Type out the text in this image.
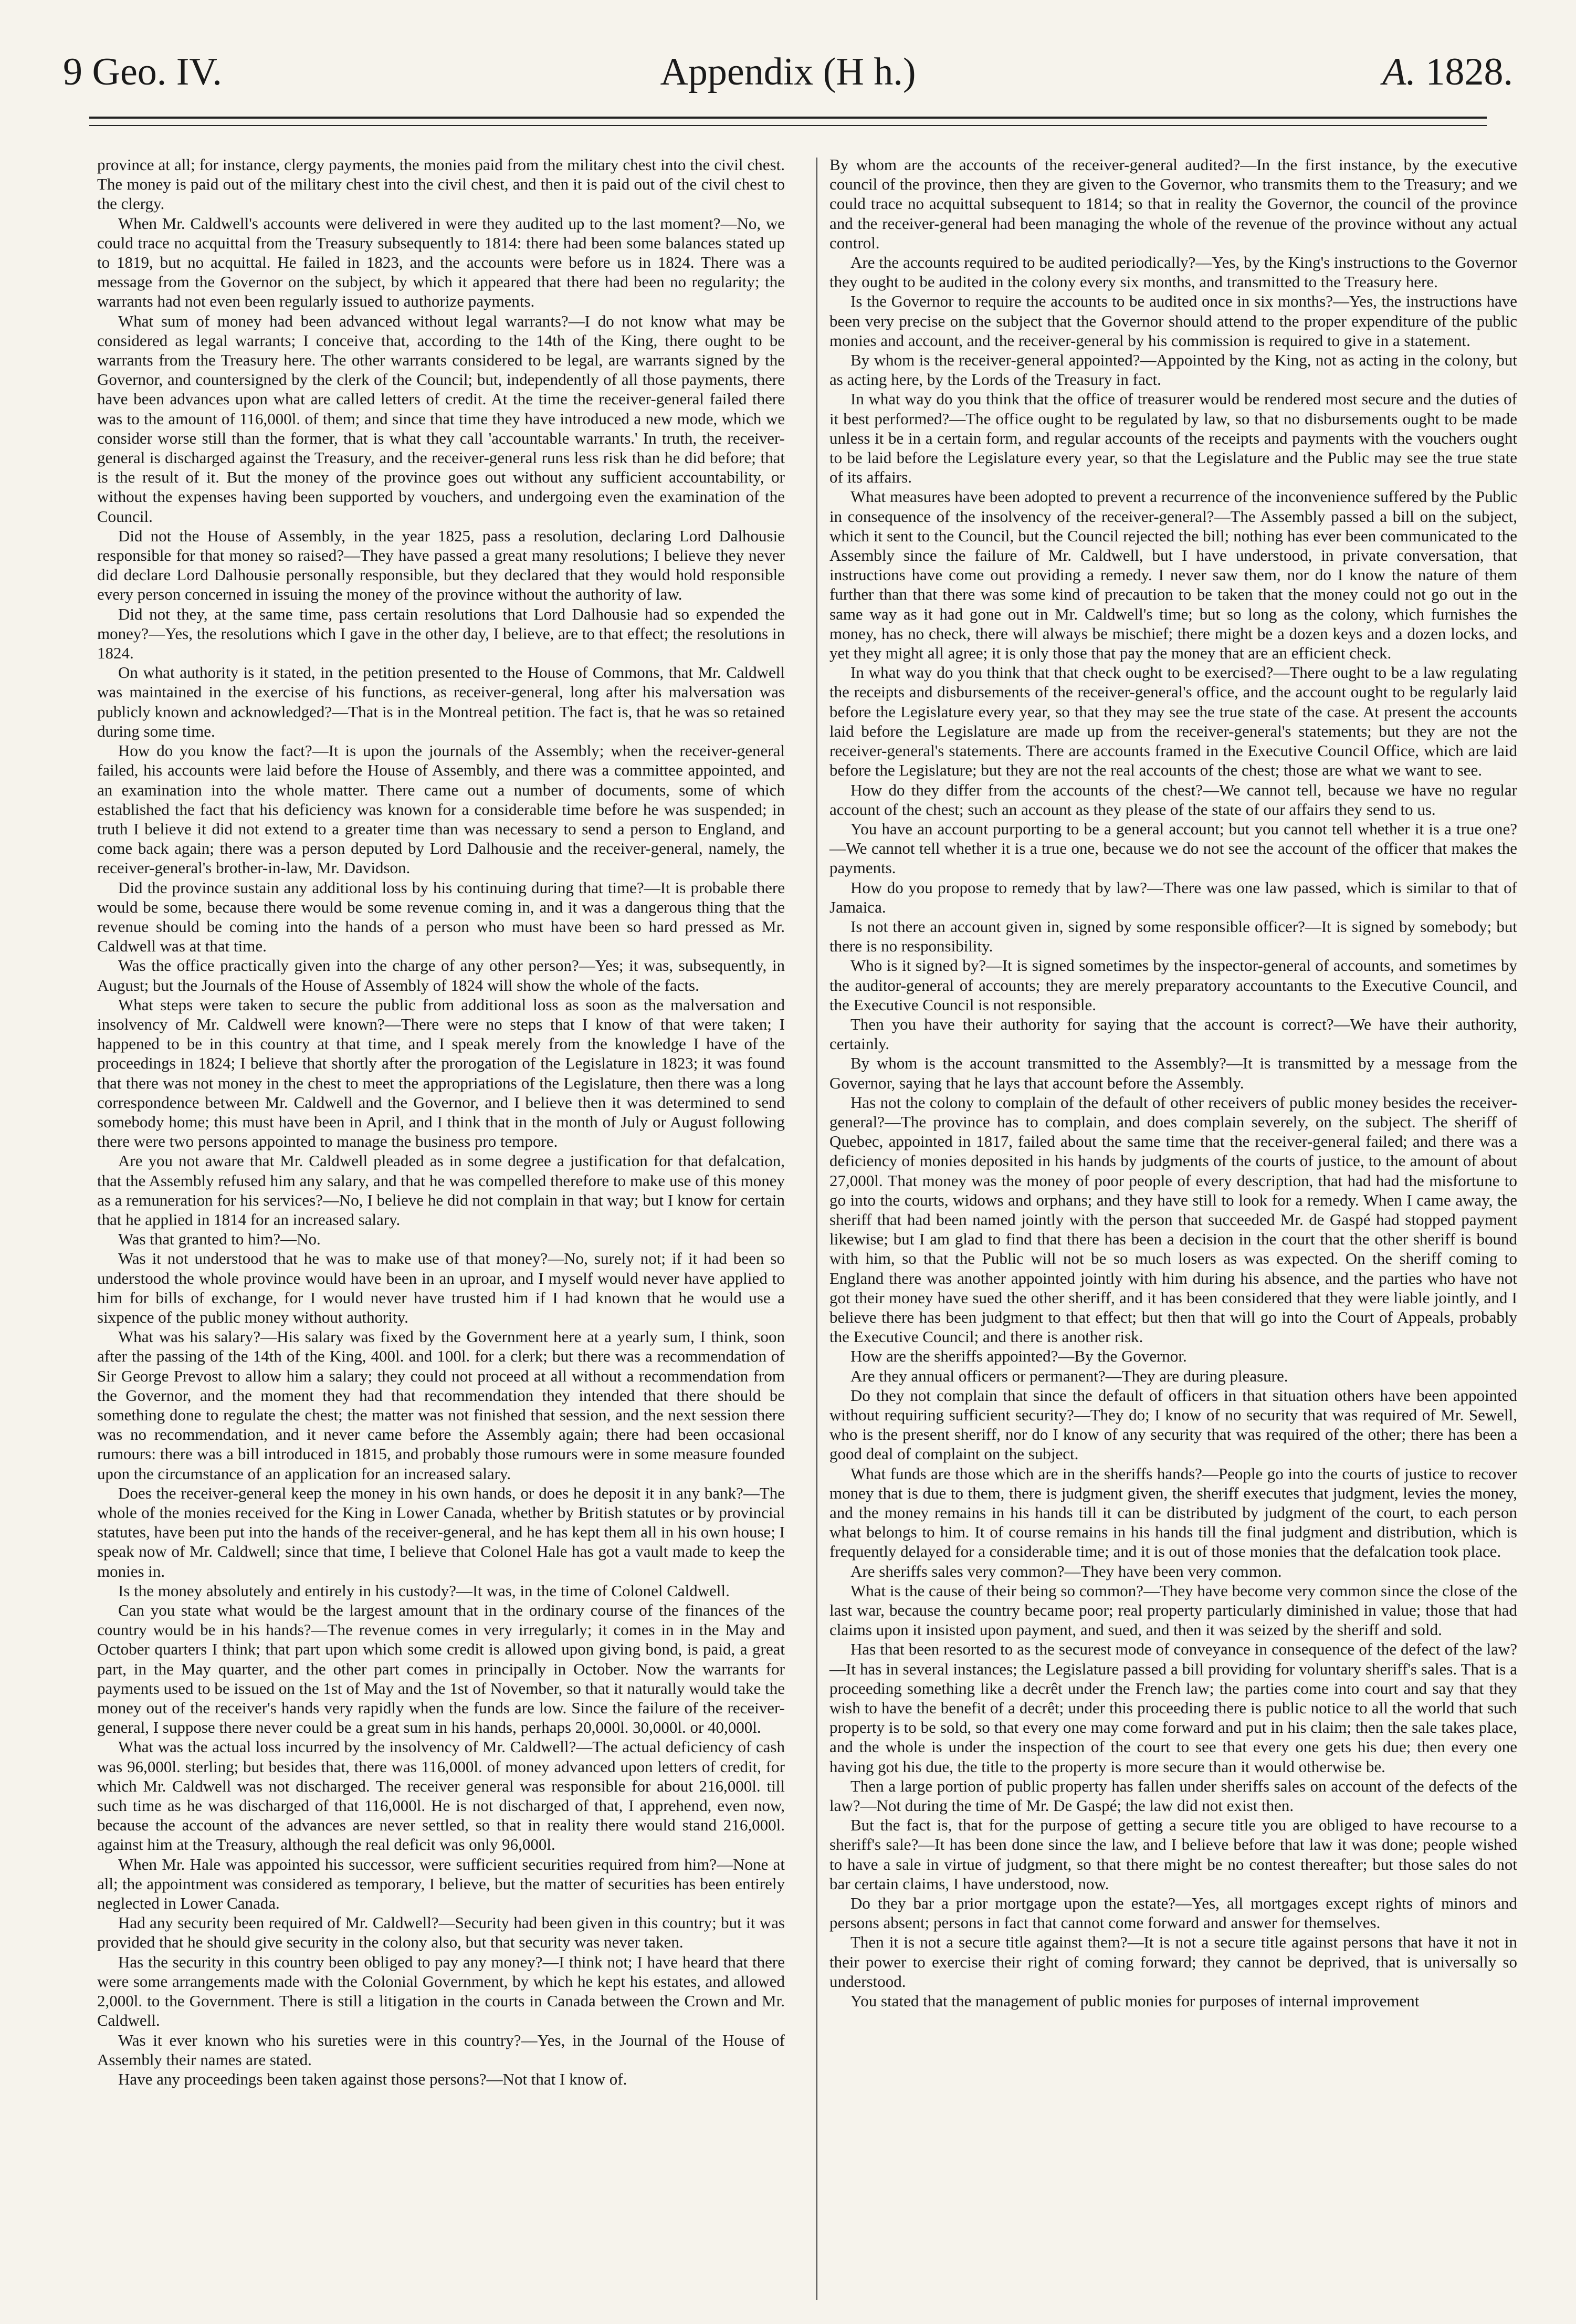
9 Geo. IV.	Appendix (H h.)	A. 1828.

province at all; for instance, clergy payments, the monies paid from the military chest into the civil chest. The money is paid out of the military chest into the civil chest, and then it is paid out of the civil chest to the clergy.

When Mr. Caldwell's accounts were delivered in were they audited up to the last moment?—No, we could trace no acquittal from the Treasury subsequently to 1814: there had been some balances stated up to 1819, but no acquittal. He failed in 1823, and the accounts were before us in 1824. There was a message from the Governor on the subject, by which it appeared that there had been no regularity; the warrants had not even been regularly issued to authorize payments.

What sum of money had been advanced without legal warrants?—I do not know what may be considered as legal warrants; I conceive that, according to the 14th of the King, there ought to be warrants from the Treasury here. The other warrants considered to be legal, are warrants signed by the Governor, and countersigned by the clerk of the Council; but, independently of all those payments, there have been advances upon what are called letters of credit. At the time the receiver-general failed there was to the amount of 116,000l. of them; and since that time they have introduced a new mode, which we consider worse still than the former, that is what they call 'accountable warrants.' In truth, the receiver-general is discharged against the Treasury, and the receiver-general runs less risk than he did before; that is the result of it. But the money of the province goes out without any sufficient accountability, or without the expenses having been supported by vouchers, and undergoing even the examination of the Council.

Did not the House of Assembly, in the year 1825, pass a resolution, declaring Lord Dalhousie responsible for that money so raised?—They have passed a great many resolutions; I believe they never did declare Lord Dalhousie personally responsible, but they declared that they would hold responsible every person concerned in issuing the money of the province without the authority of law.

Did not they, at the same time, pass certain resolutions that Lord Dalhousie had so expended the money?—Yes, the resolutions which I gave in the other day, I believe, are to that effect; the resolutions in 1824.

On what authority is it stated, in the petition presented to the House of Commons, that Mr. Caldwell was maintained in the exercise of his functions, as receiver-general, long after his malversation was publicly known and acknowledged?—That is in the Montreal petition. The fact is, that he was so retained during some time.

How do you know the fact?—It is upon the journals of the Assembly; when the receiver-general failed, his accounts were laid before the House of Assembly, and there was a committee appointed, and an examination into the whole matter. There came out a number of documents, some of which established the fact that his deficiency was known for a considerable time before he was suspended; in truth I believe it did not extend to a greater time than was necessary to send a person to England, and come back again; there was a person deputed by Lord Dalhousie and the receiver-general, namely, the receiver-general's brother-in-law, Mr. Davidson.

Did the province sustain any additional loss by his continuing during that time?—It is probable there would be some, because there would be some revenue coming in, and it was a dangerous thing that the revenue should be coming into the hands of a person who must have been so hard pressed as Mr. Caldwell was at that time.

Was the office practically given into the charge of any other person?—Yes; it was, subsequently, in August; but the Journals of the House of Assembly of 1824 will show the whole of the facts.

What steps were taken to secure the public from additional loss as soon as the malversation and insolvency of Mr. Caldwell were known?—There were no steps that I know of that were taken; I happened to be in this country at that time, and I speak merely from the knowledge I have of the proceedings in 1824; I believe that shortly after the prorogation of the Legislature in 1823; it was found that there was not money in the chest to meet the appropriations of the Legislature, then there was a long correspondence between Mr. Caldwell and the Governor, and I believe then it was determined to send somebody home; this must have been in April, and I think that in the month of July or August following there were two persons appointed to manage the business pro tempore.

Are you not aware that Mr. Caldwell pleaded as in some degree a justification for that defalcation, that the Assembly refused him any salary, and that he was compelled therefore to make use of this money as a remuneration for his services?—No, I believe he did not complain in that way; but I know for certain that he applied in 1814 for an increased salary.

Was that granted to him?—No.

Was it not understood that he was to make use of that money?—No, surely not; if it had been so understood the whole province would have been in an uproar, and I myself would never have applied to him for bills of exchange, for I would never have trusted him if I had known that he would use a sixpence of the public money without authority.

What was his salary?—His salary was fixed by the Government here at a yearly sum, I think, soon after the passing of the 14th of the King, 400l. and 100l. for a clerk; but there was a recommendation of Sir George Prevost to allow him a salary; they could not proceed at all without a recommendation from the Governor, and the moment they had that recommendation they intended that there should be something done to regulate the chest; the matter was not finished that session, and the next session there was no recommendation, and it never came before the Assembly again; there had been occasional rumours: there was a bill introduced in 1815, and probably those rumours were in some measure founded upon the circumstance of an application for an increased salary.

Does the receiver-general keep the money in his own hands, or does he deposit it in any bank?—The whole of the monies received for the King in Lower Canada, whether by British statutes or by provincial statutes, have been put into the hands of the receiver-general, and he has kept them all in his own house; I speak now of Mr. Caldwell; since that time, I believe that Colonel Hale has got a vault made to keep the monies in.

Is the money absolutely and entirely in his custody?—It was, in the time of Colonel Caldwell.

Can you state what would be the largest amount that in the ordinary course of the finances of the country would be in his hands?—The revenue comes in very irregularly; it comes in in the May and October quarters I think; that part upon which some credit is allowed upon giving bond, is paid, a great part, in the May quarter, and the other part comes in principally in October. Now the warrants for payments used to be issued on the 1st of May and the 1st of November, so that it naturally would take the money out of the receiver's hands very rapidly when the funds are low. Since the failure of the receiver-general, I suppose there never could be a great sum in his hands, perhaps 20,000l. 30,000l. or 40,000l.

What was the actual loss incurred by the insolvency of Mr. Caldwell?—The actual deficiency of cash was 96,000l. sterling; but besides that, there was 116,000l. of money advanced upon letters of credit, for which Mr. Caldwell was not discharged. The receiver general was responsible for about 216,000l. till such time as he was discharged of that 116,000l. He is not discharged of that, I apprehend, even now, because the account of the advances are never settled, so that in reality there would stand 216,000l. against him at the Treasury, although the real deficit was only 96,000l.

When Mr. Hale was appointed his successor, were sufficient securities required from him?—None at all; the appointment was considered as temporary, I believe, but the matter of securities has been entirely neglected in Lower Canada.

Had any security been required of Mr. Caldwell?—Security had been given in this country; but it was provided that he should give security in the colony also, but that security was never taken.

Has the security in this country been obliged to pay any money?—I think not; I have heard that there were some arrangements made with the Colonial Government, by which he kept his estates, and allowed 2,000l. to the Government. There is still a litigation in the courts in Canada between the Crown and Mr. Caldwell.

Was it ever known who his sureties were in this country?—Yes, in the Journal of the House of Assembly their names are stated.

Have any proceedings been taken against those persons?—Not that I know of.

By whom are the accounts of the receiver-general audited?—In the first instance, by the executive council of the province, then they are given to the Governor, who transmits them to the Treasury; and we could trace no acquittal subsequent to 1814; so that in reality the Governor, the council of the province and the receiver-general had been managing the whole of the revenue of the province without any actual control.

Are the accounts required to be audited periodically?—Yes, by the King's instructions to the Governor they ought to be audited in the colony every six months, and transmitted to the Treasury here.

Is the Governor to require the accounts to be audited once in six months?—Yes, the instructions have been very precise on the subject that the Governor should attend to the proper expenditure of the public monies and account, and the receiver-general by his commission is required to give in a statement.

By whom is the receiver-general appointed?—Appointed by the King, not as acting in the colony, but as acting here, by the Lords of the Treasury in fact.

In what way do you think that the office of treasurer would be rendered most secure and the duties of it best performed?—The office ought to be regulated by law, so that no disbursements ought to be made unless it be in a certain form, and regular accounts of the receipts and payments with the vouchers ought to be laid before the Legislature every year, so that the Legislature and the Public may see the true state of its affairs.

What measures have been adopted to prevent a recurrence of the inconvenience suffered by the Public in consequence of the insolvency of the receiver-general?—The Assembly passed a bill on the subject, which it sent to the Council, but the Council rejected the bill; nothing has ever been communicated to the Assembly since the failure of Mr. Caldwell, but I have understood, in private conversation, that instructions have come out providing a remedy. I never saw them, nor do I know the nature of them further than that there was some kind of precaution to be taken that the money could not go out in the same way as it had gone out in Mr. Caldwell's time; but so long as the colony, which furnishes the money, has no check, there will always be mischief; there might be a dozen keys and a dozen locks, and yet they might all agree; it is only those that pay the money that are an efficient check.

In what way do you think that that check ought to be exercised?—There ought to be a law regulating the receipts and disbursements of the receiver-general's office, and the account ought to be regularly laid before the Legislature every year, so that they may see the true state of the case. At present the accounts laid before the Legislature are made up from the receiver-general's statements; but they are not the receiver-general's statements. There are accounts framed in the Executive Council Office, which are laid before the Legislature; but they are not the real accounts of the chest; those are what we want to see.

How do they differ from the accounts of the chest?—We cannot tell, because we have no regular account of the chest; such an account as they please of the state of our affairs they send to us.

You have an account purporting to be a general account; but you cannot tell whether it is a true one?—We cannot tell whether it is a true one, because we do not see the account of the officer that makes the payments.

How do you propose to remedy that by law?—There was one law passed, which is similar to that of Jamaica.

Is not there an account given in, signed by some responsible officer?—It is signed by somebody; but there is no responsibility.

Who is it signed by?—It is signed sometimes by the inspector-general of accounts, and sometimes by the auditor-general of accounts; they are merely preparatory accountants to the Executive Council, and the Executive Council is not responsible.

Then you have their authority for saying that the account is correct?—We have their authority, certainly.

By whom is the account transmitted to the Assembly?—It is transmitted by a message from the Governor, saying that he lays that account before the Assembly.

Has not the colony to complain of the default of other receivers of public money besides the receiver-general?—The province has to complain, and does complain severely, on the subject. The sheriff of Quebec, appointed in 1817, failed about the same time that the receiver-general failed; and there was a deficiency of monies deposited in his hands by judgments of the courts of justice, to the amount of about 27,000l. That money was the money of poor people of every description, that had had the misfortune to go into the courts, widows and orphans; and they have still to look for a remedy. When I came away, the sheriff that had been named jointly with the person that succeeded Mr. de Gaspé had stopped payment likewise; but I am glad to find that there has been a decision in the court that the other sheriff is bound with him, so that the Public will not be so much losers as was expected. On the sheriff coming to England there was another appointed jointly with him during his absence, and the parties who have not got their money have sued the other sheriff, and it has been considered that they were liable jointly, and I believe there has been judgment to that effect; but then that will go into the Court of Appeals, probably the Executive Council; and there is another risk.

How are the sheriffs appointed?—By the Governor.

Are they annual officers or permanent?—They are during pleasure.

Do they not complain that since the default of officers in that situation others have been appointed without requiring sufficient security?—They do; I know of no security that was required of Mr. Sewell, who is the present sheriff, nor do I know of any security that was required of the other; there has been a good deal of complaint on the subject.

What funds are those which are in the sheriffs hands?—People go into the courts of justice to recover money that is due to them, there is judgment given, the sheriff executes that judgment, levies the money, and the money remains in his hands till it can be distributed by judgment of the court, to each person what belongs to him. It of course remains in his hands till the final judgment and distribution, which is frequently delayed for a considerable time; and it is out of those monies that the defalcation took place.

Are sheriffs sales very common?—They have been very common.

What is the cause of their being so common?—They have become very common since the close of the last war, because the country became poor; real property particularly diminished in value; those that had claims upon it insisted upon payment, and sued, and then it was seized by the sheriff and sold.

Has that been resorted to as the securest mode of conveyance in consequence of the defect of the law?—It has in several instances; the Legislature passed a bill providing for voluntary sheriff's sales. That is a proceeding something like a decrêt under the French law; the parties come into court and say that they wish to have the benefit of a decrêt; under this proceeding there is public notice to all the world that such property is to be sold, so that every one may come forward and put in his claim; then the sale takes place, and the whole is under the inspection of the court to see that every one gets his due; then every one having got his due, the title to the property is more secure than it would otherwise be.

Then a large portion of public property has fallen under sheriffs sales on account of the defects of the law?—Not during the time of Mr. De Gaspé; the law did not exist then.

But the fact is, that for the purpose of getting a secure title you are obliged to have recourse to a sheriff's sale?—It has been done since the law, and I believe before that law it was done; people wished to have a sale in virtue of judgment, so that there might be no contest thereafter; but those sales do not bar certain claims, I have understood, now.

Do they bar a prior mortgage upon the estate?—Yes, all mortgages except rights of minors and persons absent; persons in fact that cannot come forward and answer for themselves.

Then it is not a secure title against them?—It is not a secure title against persons that have it not in their power to exercise their right of coming forward; they cannot be deprived, that is universally so understood.

You stated that the management of public monies for purposes of internal improvement
